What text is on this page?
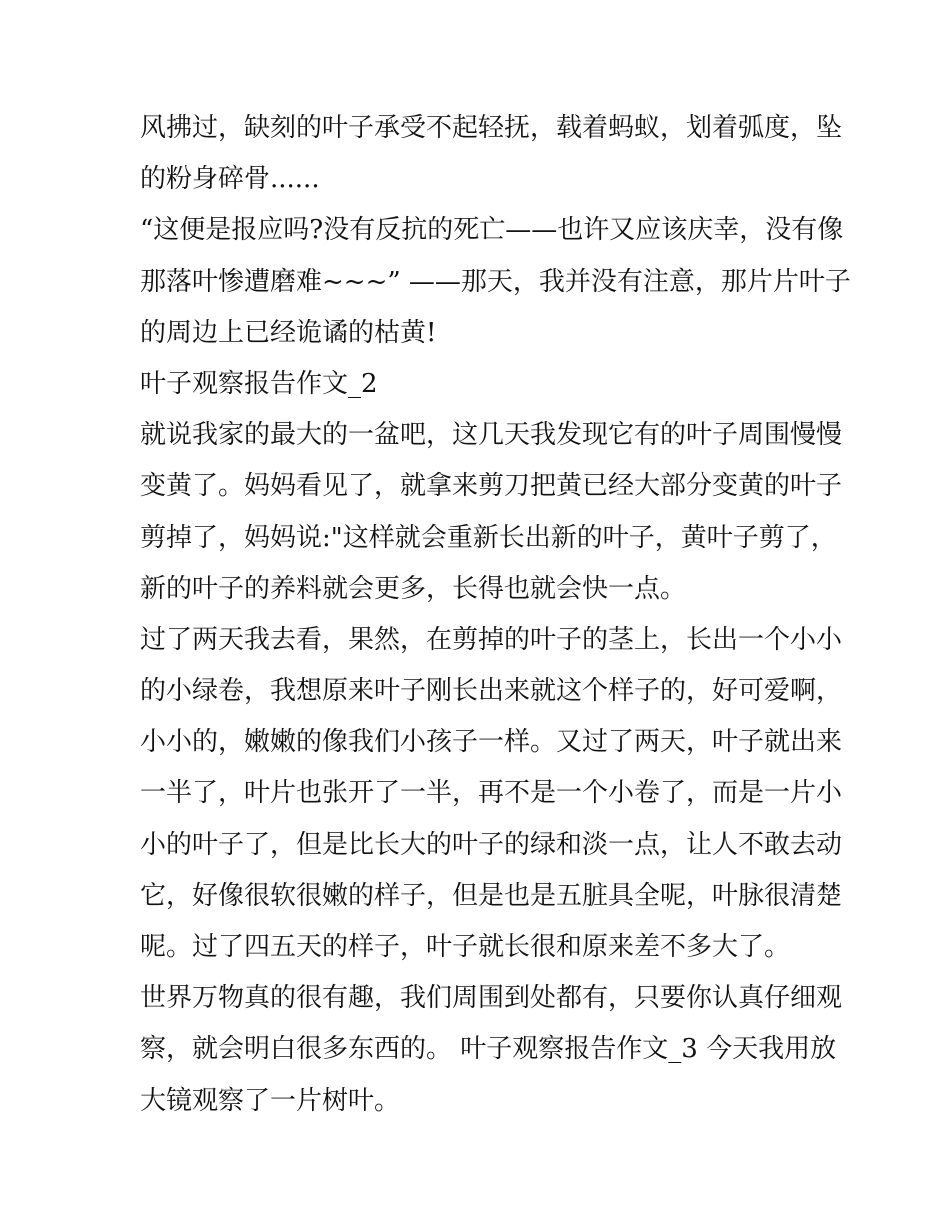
风拂过，缺刻的叶子承受不起轻抚，载着蚂蚁，划着弧度，坠
的粉身碎骨......
“这便是报应吗?没有反抗的死亡——也许又应该庆幸，没有像
那落叶惨遭磨难~~~” ——那天，我并没有注意，那片片叶子
的周边上已经诡谲的枯黄!
叶子观察报告作文_2
就说我家的最大的一盆吧，这几天我发现它有的叶子周围慢慢
变黄了。妈妈看见了，就拿来剪刀把黄已经大部分变黄的叶子
剪掉了，妈妈说:"这样就会重新长出新的叶子，黄叶子剪了，
新的叶子的养料就会更多，长得也就会快一点。
过了两天我去看，果然，在剪掉的叶子的茎上，长出一个小小
的小绿卷，我想原来叶子刚长出来就这个样子的，好可爱啊，
小小的，嫩嫩的像我们小孩子一样。又过了两天，叶子就出来
一半了，叶片也张开了一半，再不是一个小卷了，而是一片小
小的叶子了，但是比长大的叶子的绿和淡一点，让人不敢去动
它，好像很软很嫩的样子，但是也是五脏具全呢，叶脉很清楚
呢。过了四五天的样子，叶子就长很和原来差不多大了。
世界万物真的很有趣，我们周围到处都有，只要你认真仔细观
察，就会明白很多东西的。 叶子观察报告作文_3 今天我用放
大镜观察了一片树叶。
